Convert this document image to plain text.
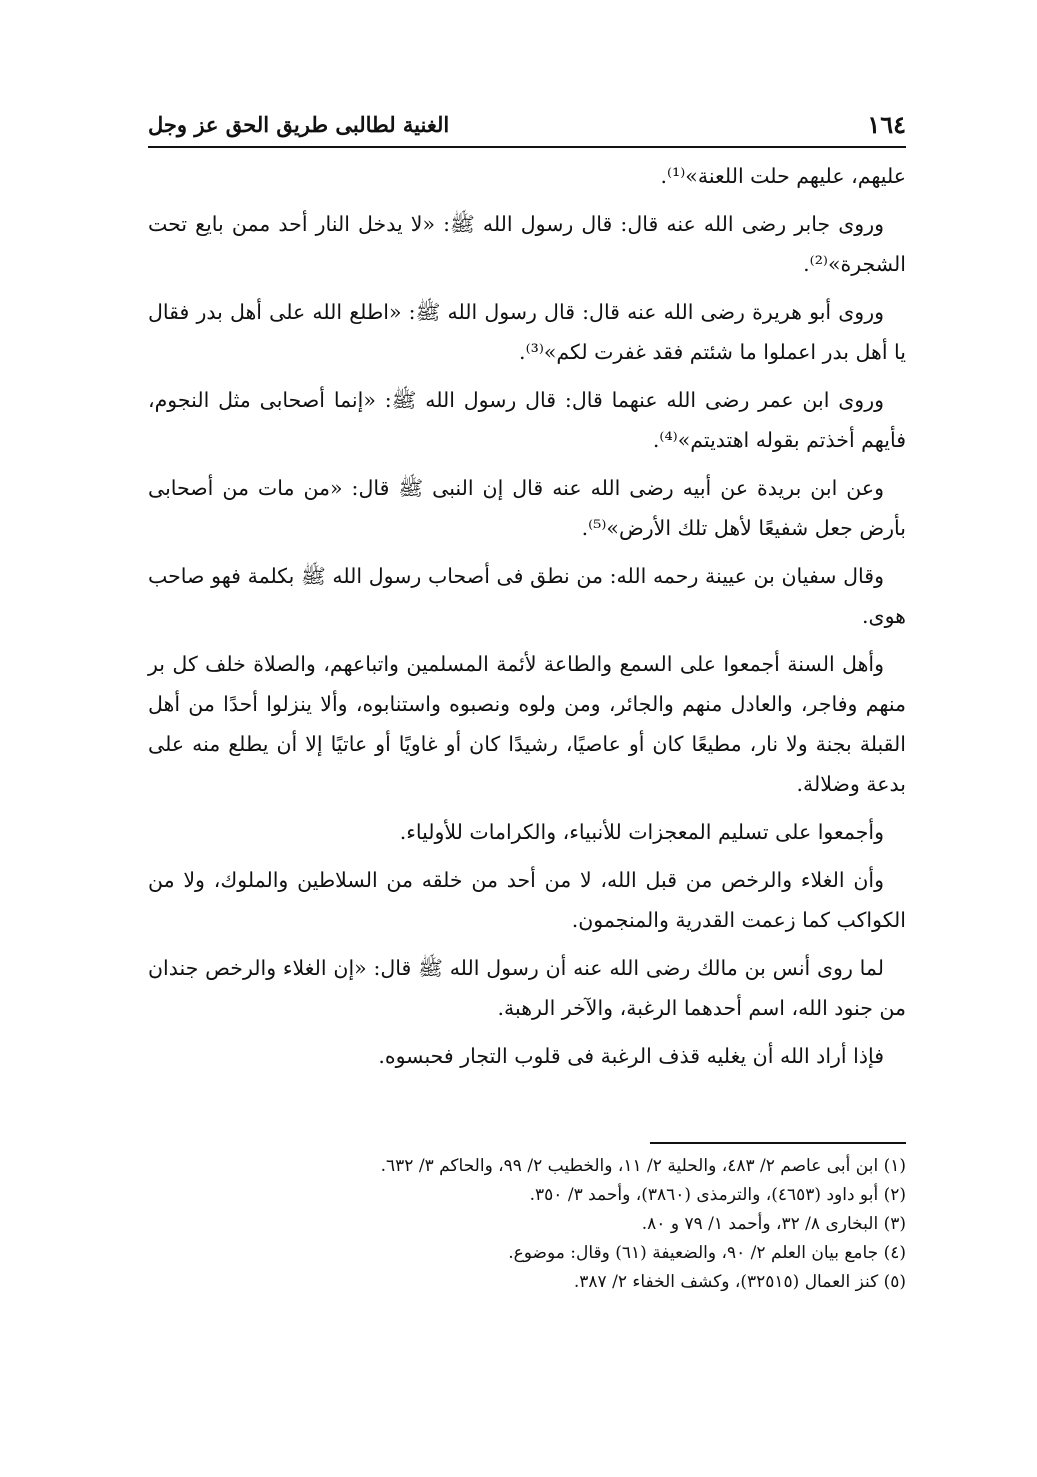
١٦٤
الغنية لطالبى طريق الحق عز وجل

عليهم، عليهم حلت اللعنة»⁽¹⁾.

وروى جابر رضى الله عنه قال: قال رسول الله ﷺ: «لا يدخل النار أحد ممن بايع تحت الشجرة»⁽²⁾.

وروى أبو هريرة رضى الله عنه قال: قال رسول الله ﷺ: «اطلع الله على أهل بدر فقال يا أهل بدر اعملوا ما شئتم فقد غفرت لكم»⁽³⁾.

وروى ابن عمر رضى الله عنهما قال: قال رسول الله ﷺ: «إنما أصحابى مثل النجوم، فأيهم أخذتم بقوله اهتديتم»⁽⁴⁾.

وعن ابن بريدة عن أبيه رضى الله عنه قال إن النبى ﷺ قال: «من مات من أصحابى بأرض جعل شفيعًا لأهل تلك الأرض»⁽⁵⁾.

وقال سفيان بن عيينة رحمه الله: من نطق فى أصحاب رسول الله ﷺ بكلمة فهو صاحب هوى.

وأهل السنة أجمعوا على السمع والطاعة لأئمة المسلمين واتباعهم، والصلاة خلف كل بر منهم وفاجر، والعادل منهم والجائر، ومن ولوه ونصبوه واستنابوه، وألا ينزلوا أحدًا من أهل القبلة بجنة ولا نار، مطيعًا كان أو عاصيًا، رشيدًا كان أو غاويًا أو عاتيًا إلا أن يطلع منه على بدعة وضلالة.

وأجمعوا على تسليم المعجزات للأنبياء، والكرامات للأولياء.

وأن الغلاء والرخص من قبل الله، لا من أحد من خلقه من السلاطين والملوك، ولا من الكواكب كما زعمت القدرية والمنجمون.

لما روى أنس بن مالك رضى الله عنه أن رسول الله ﷺ قال: «إن الغلاء والرخص جندان من جنود الله، اسم أحدهما الرغبة، والآخر الرهبة.

فإذا أراد الله أن يغليه قذف الرغبة فى قلوب التجار فحبسوه.

(١) ابن أبى عاصم ٢/ ٤٨٣، والحلية ٢/ ١١، والخطيب ٢/ ٩٩، والحاكم ٣/ ٦٣٢.

(٢) أبو داود (٤٦٥٣)، والترمذى (٣٨٦٠)، وأحمد ٣/ ٣٥٠.

(٣) البخارى ٨/ ٣٢، وأحمد ١/ ٧٩ و ٨٠.

(٤) جامع بيان العلم ٢/ ٩٠، والضعيفة (٦١) وقال: موضوع.

(٥) كنز العمال (٣٢٥١٥)، وكشف الخفاء ٢/ ٣٨٧.
